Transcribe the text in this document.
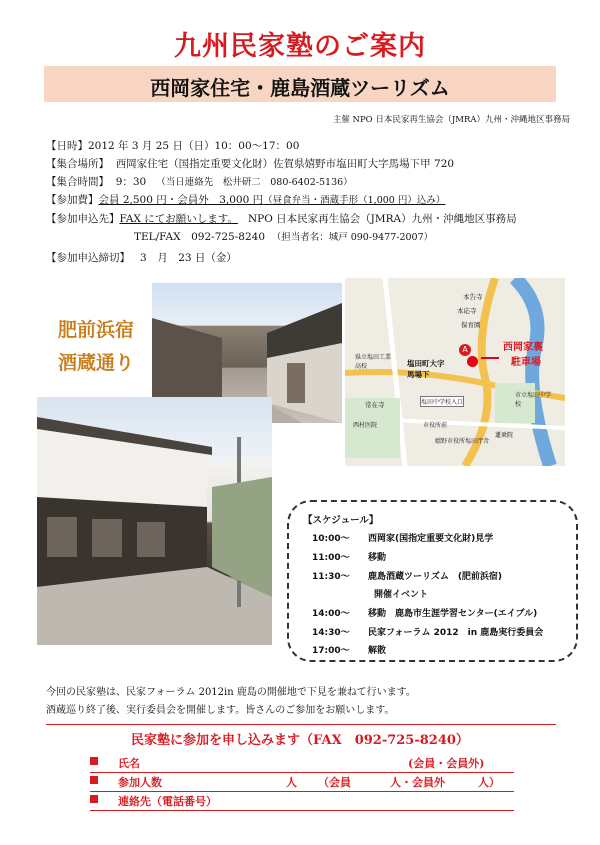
九州民家塾のご案内
西岡家住宅・鹿島酒蔵ツーリズム
主催 NPO 日本民家再生協会（JMRA）九州・沖縄地区事務局
【日時】2012 年 3 月 25 日（日）10：00～17：00
【集合場所】 西岡家住宅（国指定重要文化財）佐賀県嬉野市塩田町大字馬場下甲 720
【集合時間】 9：30 （当日連絡先　松井研二　080-6402-5136）
【参加費】会員 2,500 円・会員外　3,000 円（昼食弁当・酒蔵手形（1,000 円）込み）
【参加申込先】FAX にてお願いします。 NPO 日本民家再生協会（JMRA）九州・沖縄地区事務局
TEL/FAX　092-725-8240 （担当者名：城戸 090-9477-2007）
【参加申込締切】 3　月　23 日（金）
肥前浜宿
酒蔵通り
本告寺
本応寺
保育園
県立塩田工業高校	塩田町大字馬場下
常在寺	塩田中学校入口
市役所前
西村医院
嬉野市役所塩田庁舎
市立塩田中学校
蓮乗院
A	西岡家裏
駐車場
【スケジュール】
10:00～ 西岡家(国指定重要文化財)見学
11:00～ 移動
11:30～ 鹿島酒蔵ツーリズム　(肥前浜宿)
開催イベント
14:00～ 移動　鹿島市生涯学習センター(エイブル)
14:30～ 民家フォーラム 2012　in 鹿島実行委員会
17:00～ 解散
今回の民家塾は、民家フォーラム 2012in 鹿島の開催地で下見を兼ねて行います。
酒蔵巡り終了後、実行委員会を開催します。皆さんのご参加をお願いします。
民家塾に参加を申し込みます（FAX　092-725-8240）
氏名	(会員・会員外)
参加人数	人 （会員	人・会員外	人）
連絡先（電話番号）
